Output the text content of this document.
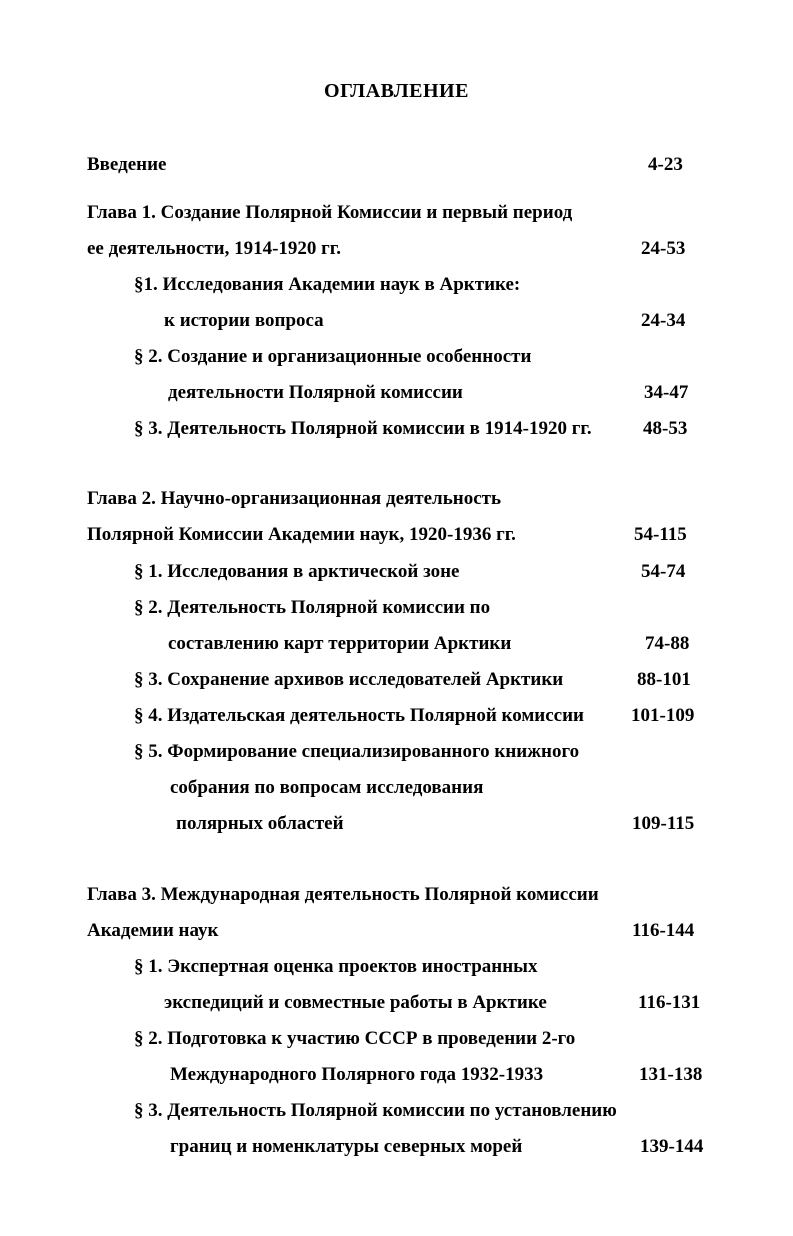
ОГЛАВЛЕНИЕ
Введение	4-23
Глава 1. Создание Полярной Комиссии и первый период
ее деятельности, 1914-1920 гг.	24-53
§1. Исследования Академии наук в Арктике:
к истории вопроса	24-34
§ 2. Создание и организационные особенности
деятельности Полярной комиссии	34-47
§ 3. Деятельность Полярной комиссии в 1914-1920 гг.	48-53
Глава 2. Научно-организационная деятельность
Полярной Комиссии Академии наук, 1920-1936 гг.	54-115
§ 1. Исследования в арктической зоне	54-74
§ 2. Деятельность Полярной комиссии по
составлению карт территории Арктики	74-88
§ 3. Сохранение архивов исследователей Арктики	88-101
§ 4. Издательская деятельность Полярной комиссии 101-109
§ 5. Формирование специализированного книжного
собрания по вопросам исследования
полярных областей	109-115
Глава 3. Международная деятельность Полярной комиссии
Академии наук	116-144
§ 1. Экспертная оценка проектов иностранных
экспедиций и совместные работы в Арктике	116-131
§ 2. Подготовка к участию СССР в проведении 2-го
Международного Полярного года 1932-1933	131-138
§ 3. Деятельность Полярной комиссии по установлению
границ и номенклатуры северных морей	139-144
